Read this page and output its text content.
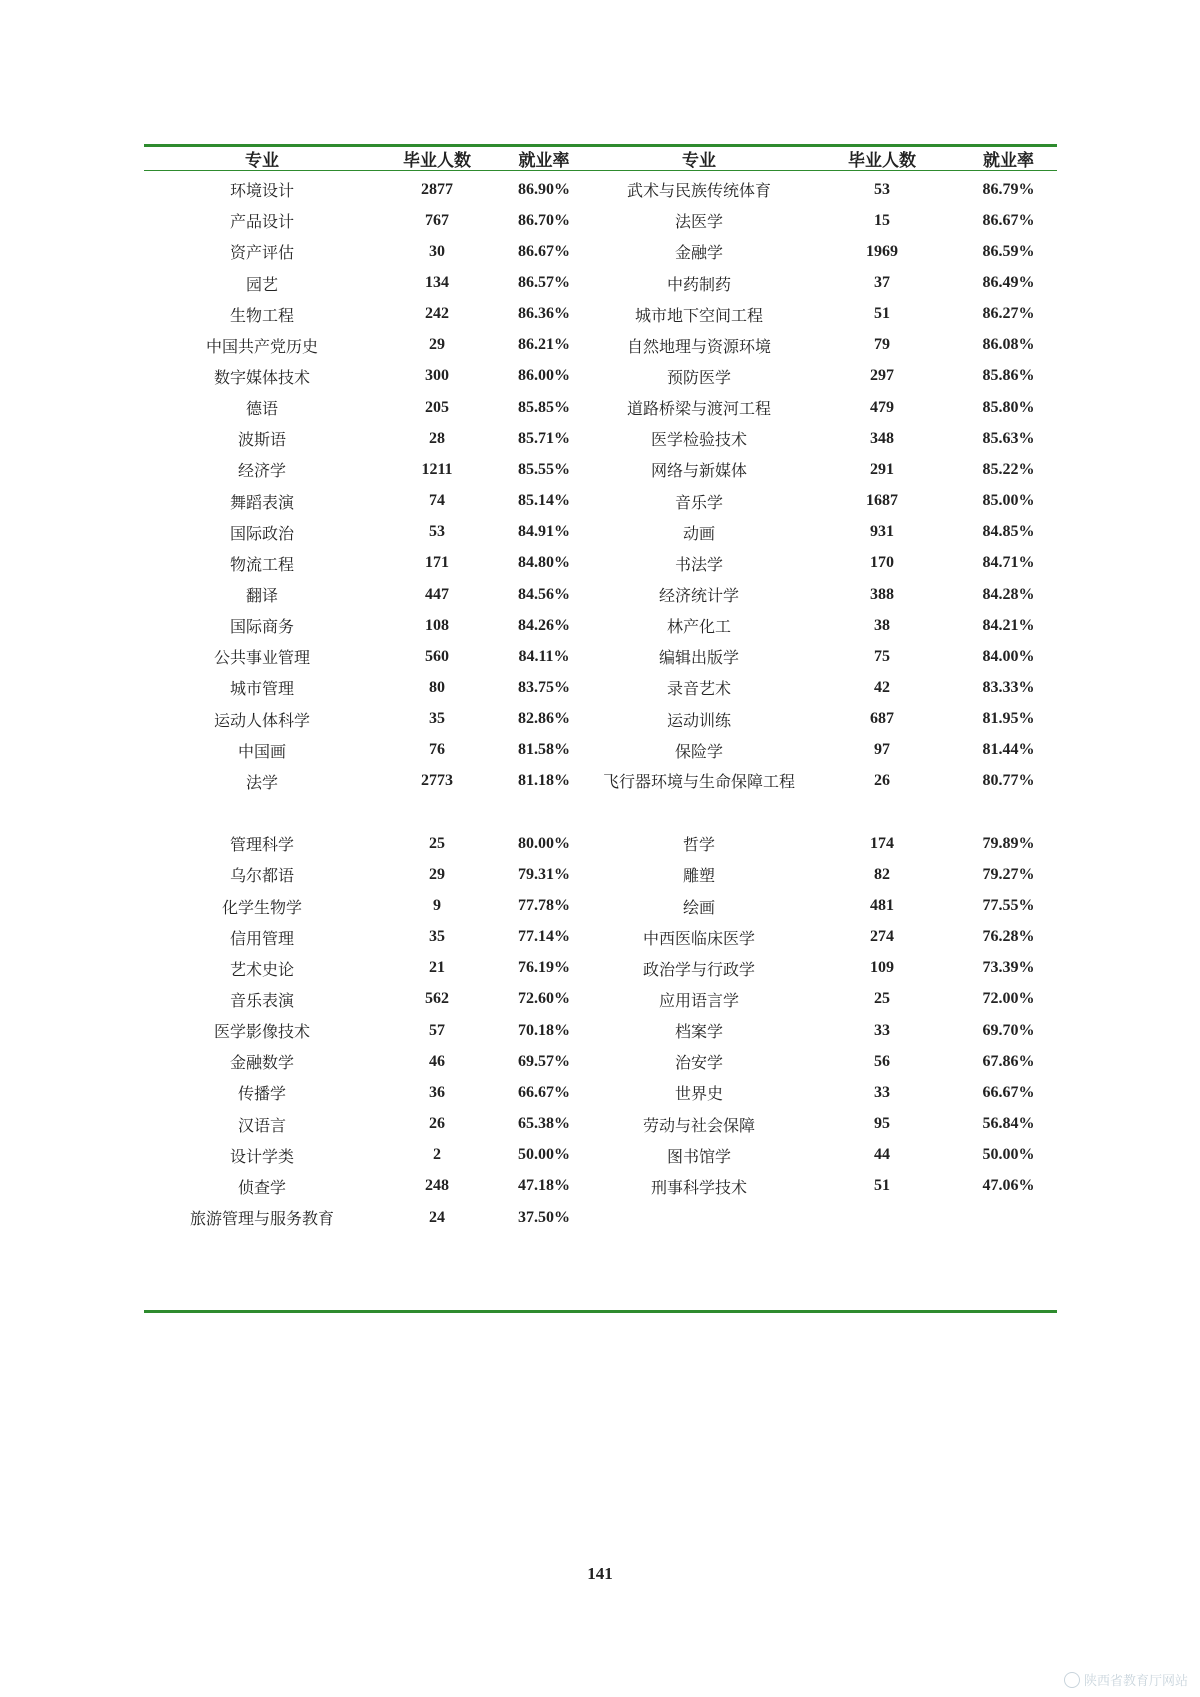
专业	毕业人数	就业率	专业	毕业人数	就业率
环境设计	2877	86.90%	武术与民族传统体育	53	86.79%
产品设计	767	86.70%	法医学	15	86.67%
资产评估	30	86.67%	金融学	1969	86.59%
园艺	134	86.57%	中药制药	37	86.49%
生物工程	242	86.36%	城市地下空间工程	51	86.27%
中国共产党历史	29	86.21%	自然地理与资源环境	79	86.08%
数字媒体技术	300	86.00%	预防医学	297	85.86%
德语	205	85.85%	道路桥梁与渡河工程	479	85.80%
波斯语	28	85.71%	医学检验技术	348	85.63%
经济学	1211	85.55%	网络与新媒体	291	85.22%
舞蹈表演	74	85.14%	音乐学	1687	85.00%
国际政治	53	84.91%	动画	931	84.85%
物流工程	171	84.80%	书法学	170	84.71%
翻译	447	84.56%	经济统计学	388	84.28%
国际商务	108	84.26%	林产化工	38	84.21%
公共事业管理	560	84.11%	编辑出版学	75	84.00%
城市管理	80	83.75%	录音艺术	42	83.33%
运动人体科学	35	82.86%	运动训练	687	81.95%
中国画	76	81.58%	保险学	97	81.44%
法学	2773	81.18%	飞行器环境与生命保障工程	26	80.77%
管理科学	25	80.00%	哲学	174	79.89%
乌尔都语	29	79.31%	雕塑	82	79.27%
化学生物学	9	77.78%	绘画	481	77.55%
信用管理	35	77.14%	中西医临床医学	274	76.28%
艺术史论	21	76.19%	政治学与行政学	109	73.39%
音乐表演	562	72.60%	应用语言学	25	72.00%
医学影像技术	57	70.18%	档案学	33	69.70%
金融数学	46	69.57%	治安学	56	67.86%
传播学	36	66.67%	世界史	33	66.67%
汉语言	26	65.38%	劳动与社会保障	95	56.84%
设计学类	2	50.00%	图书馆学	44	50.00%
侦查学	248	47.18%	刑事科学技术	51	47.06%
旅游管理与服务教育	24	37.50%
141
陕西省教育厅网站
